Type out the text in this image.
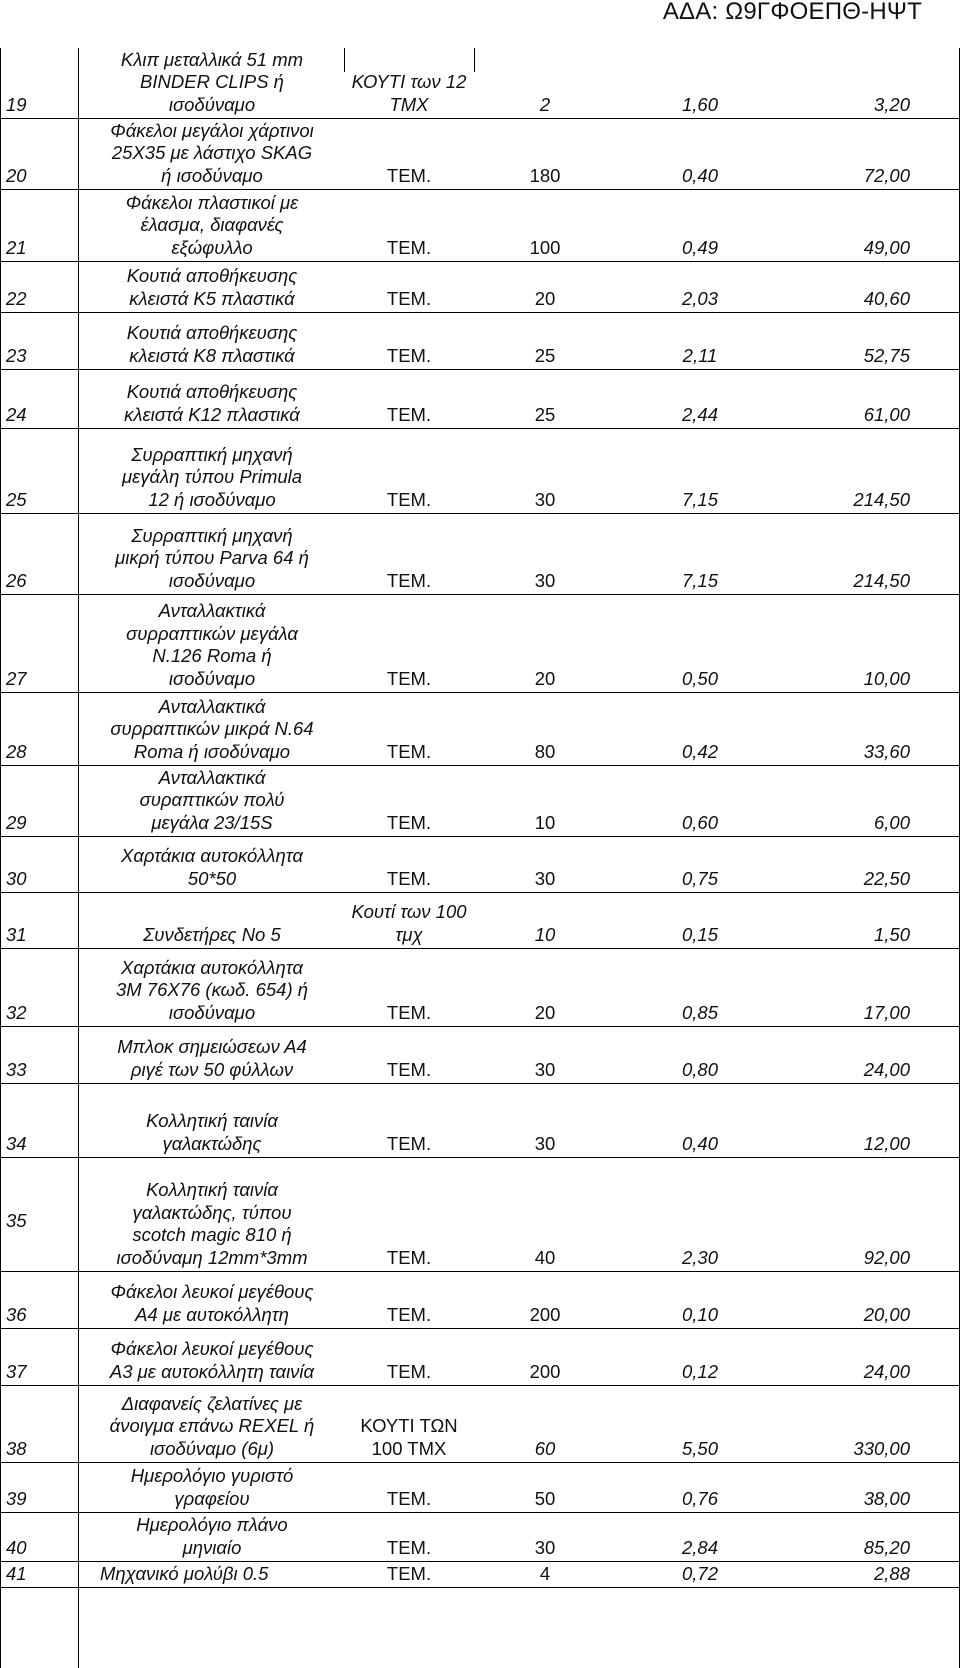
ΑΔΑ: Ω9ΓΦΟΕΠΘ-ΗΨΤ
19
Κλιπ μεταλλικά 51 mm
BINDER CLIPS ή
ισοδύναμο
ΚΟΥΤΙ των 12
ΤΜΧ	2	1,60	3,20
20
Φάκελοι μεγάλοι χάρτινοι
25Χ35 με λάστιχο SKAG
ή ισοδύναμο	ΤΕΜ.	180	0,40	72,00
21
Φάκελοι πλαστικοί με
έλασμα, διαφανές
εξώφυλλο	ΤΕΜ.	100	0,49	49,00
22
Κουτιά αποθήκευσης
κλειστά Κ5 πλαστικά	ΤΕΜ.	20	2,03	40,60
23
Κουτιά αποθήκευσης
κλειστά Κ8 πλαστικά	ΤΕΜ.	25	2,11	52,75
24
Κουτιά αποθήκευσης
κλειστά Κ12 πλαστικά	ΤΕΜ.	25	2,44	61,00
25
Συρραπτική μηχανή
μεγάλη τύπου Primula
12 ή ισοδύναμο	ΤΕΜ.	30	7,15	214,50
26
Συρραπτική μηχανή
μικρή τύπου Parva 64 ή
ισοδύναμο	ΤΕΜ.	30	7,15	214,50
27
Ανταλλακτικά
συρραπτικών μεγάλα
Ν.126 Roma ή
ισοδύναμο	ΤΕΜ.	20	0,50	10,00
28
Ανταλλακτικά
συρραπτικών μικρά Ν.64
Roma ή ισοδύναμο	ΤΕΜ.	80	0,42	33,60
29
Ανταλλακτικά
συραπτικών πολύ
μεγάλα 23/15S	ΤΕΜ.	10	0,60	6,00
30
Χαρτάκια αυτοκόλλητα
50*50	ΤΕΜ.	30	0,75	22,50
31	Συνδετήρες Νο 5
Κουτί των 100
τμχ	10	0,15	1,50
32
Χαρτάκια αυτοκόλλητα
3Μ 76Χ76 (κωδ. 654) ή
ισοδύναμο	ΤΕΜ.	20	0,85	17,00
33
Μπλοκ σημειώσεων Α4
ριγέ των 50 φύλλων	ΤΕΜ.	30	0,80	24,00
34
Κολλητική ταινία
γαλακτώδης	ΤΕΜ.	30	0,40	12,00
35
Κολλητική ταινία
γαλακτώδης, τύπου
scotch magic 810 ή
ισοδύναμη 12mm*3mm	ΤΕΜ.	40	2,30	92,00
36
Φάκελοι λευκοί μεγέθους
Α4 με αυτοκόλλητη	ΤΕΜ.	200	0,10	20,00
37
Φάκελοι λευκοί μεγέθους
Α3 με αυτοκόλλητη ταινία	ΤΕΜ.	200	0,12	24,00
38
Διαφανείς ζελατίνες με
άνοιγμα επάνω REXEL ή
ισοδύναμο (6μ)
ΚΟΥΤΙ ΤΩΝ
100 ΤΜΧ	60	5,50	330,00
39
Ημερολόγιο γυριστό
γραφείου	ΤΕΜ.	50	0,76	38,00
40
Ημερολόγιο πλάνο
μηνιαίο	ΤΕΜ.	30	2,84	85,20
41	Μηχανικό μολύβι 0.5	ΤΕΜ.	4	0,72	2,88
